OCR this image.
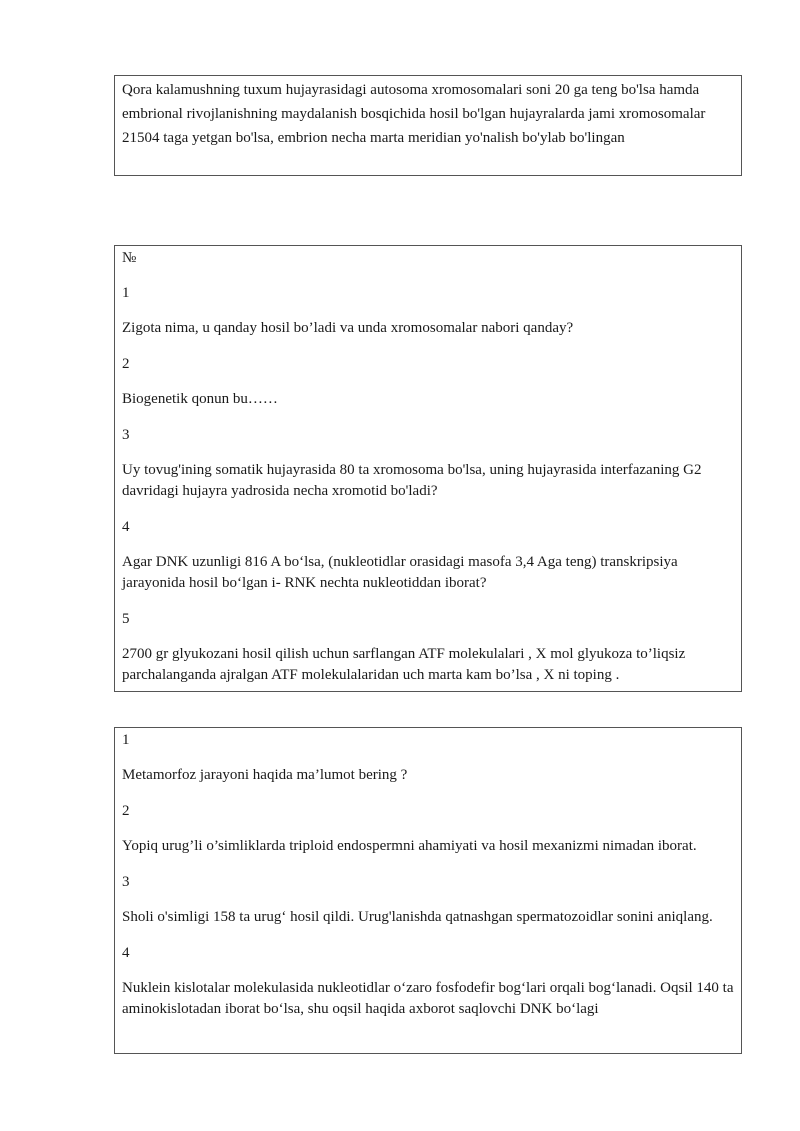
Qora kalamushning tuxum hujayrasidagi autosoma xromosomalari soni 20 ga teng bo'lsa hamda embrional rivojlanishning maydalanish bosqichida hosil bo'lgan hujayralarda jami xromosomalar 21504 taga yetgan bo'lsa, embrion necha marta meridian yo'nalish bo'ylab bo'lingan

№

1

Zigota nima, u qanday hosil bo’ladi va unda xromosomalar nabori qanday?

2

Biogenetik qonun bu……

3

Uy tovug'ining somatik hujayrasida 80 ta xromosoma bo'lsa, uning hujayrasida interfazaning G2 davridagi hujayra yadrosida necha xromotid bo'ladi?

4

Agar DNK uzunligi 816 A bo‘lsa, (nukleotidlar orasidagi masofa 3,4 Aga teng) transkripsiya jarayonida hosil bo‘lgan i- RNK nechta nukleotiddan iborat?

5

2700 gr glyukozani hosil qilish uchun sarflangan ATF molekulalari , X mol glyukoza to’liqsiz parchalanganda ajralgan ATF molekulalaridan uch marta kam bo’lsa , X ni toping .

1

Metamorfoz jarayoni haqida ma’lumot bering ?

2

Yopiq urug’li o’simliklarda triploid endospermni ahamiyati va hosil mexanizmi nimadan iborat.

3

Sholi o'simligi 158 ta urug‘ hosil qildi. Urug'lanishda qatnashgan spermatozoidlar sonini aniqlang.

4

Nuklein kislotalar molekulasida nukleotidlar o‘zaro fosfodefir bog‘lari orqali bog‘lanadi. Oqsil 140 ta aminokislotadan iborat bo‘lsa, shu oqsil haqida axborot saqlovchi DNK bo‘lagi
